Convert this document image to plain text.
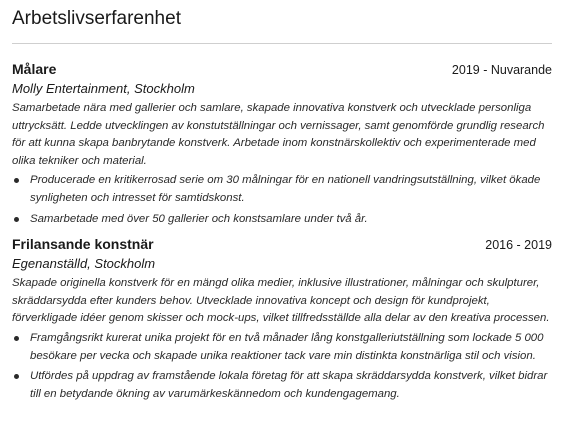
Arbetslivserfarenhet
Målare	2019 - Nuvarande
Molly Entertainment, Stockholm
Samarbetade nära med gallerier och samlare, skapade innovativa konstverk och utvecklade personliga uttrycksätt. Ledde utvecklingen av konstutställningar och vernissager, samt genomförde grundlig research för att kunna skapa banbrytande konstverk. Arbetade inom konstnärskollektiv och experimenterade med olika tekniker och material.
Producerade en kritikerrosad serie om 30 målningar för en nationell vandringsutställning, vilket ökade synligheten och intresset för samtidskonst.
Samarbetade med över 50 gallerier och konstsamlare under två år.
Frilansande konstnär	2016 - 2019
Egenanställd, Stockholm
Skapade originella konstverk för en mängd olika medier, inklusive illustrationer, målningar och skulpturer, skräddarsydda efter kunders behov. Utvecklade innovativa koncept och design för kundprojekt, förverkligade idéer genom skisser och mock-ups, vilket tillfredsställde alla delar av den kreativa processen.
Framgångsrikt kurerat unika projekt för en två månader lång konstgalleriutställning som lockade 5 000 besökare per vecka och skapade unika reaktioner tack vare min distinkta konstnärliga stil och vision.
Utfördes på uppdrag av framstående lokala företag för att skapa skräddarsydda konstverk, vilket bidrar till en betydande ökning av varumärkeskännedom och kundengagemang.
